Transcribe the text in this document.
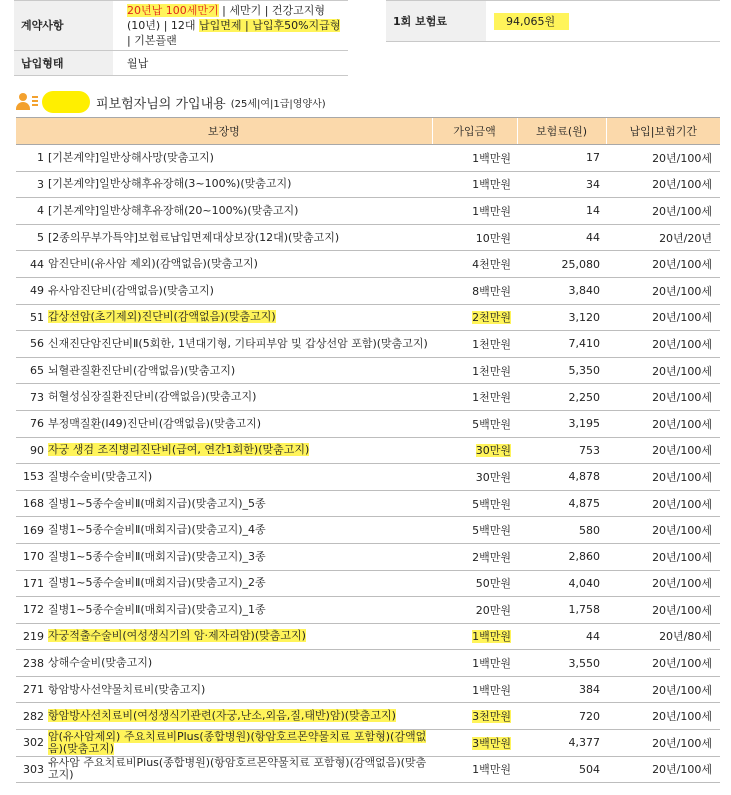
계약사항	20년납 100세만기 | 세만기 | 건강고지형(10년) | 12대 납입면제 | 납입후50%지급형 | 기본플랜
납입형태	월납
1회 보험료	94,065원
피보험자님의 가입내용 (25세|여|1급|영양사)
보장명		가입금액	보험료(원)	납입|보험기간
1	[기본계약]일반상해사망(맞춤고지)	1백만원	17	20년/100세
3	[기본계약]일반상해후유장해(3~100%)(맞춤고지)	1백만원	34	20년/100세
4	[기본계약]일반상해후유장해(20~100%)(맞춤고지)	1백만원	14	20년/100세
5	[2종의무부가특약]보험료납입면제대상보장(12대)(맞춤고지)	10만원	44	20년/20년
44	암진단비(유사암 제외)(감액없음)(맞춤고지)	4천만원	25,080	20년/100세
49	유사암진단비(감액없음)(맞춤고지)	8백만원	3,840	20년/100세
51	갑상선암(초기제외)진단비(감액없음)(맞춤고지)	2천만원	3,120	20년/100세
56	신재진단암진단비Ⅱ(5회한, 1년대기형, 기타피부암 및 갑상선암 포함)(맞춤고지)	1천만원	7,410	20년/100세
65	뇌혈관질환진단비(감액없음)(맞춤고지)	1천만원	5,350	20년/100세
73	허혈성심장질환진단비(감액없음)(맞춤고지)	1천만원	2,250	20년/100세
76	부정맥질환(Ⅰ49)진단비(감액없음)(맞춤고지)	5백만원	3,195	20년/100세
90	자궁 생검 조직병리진단비(급여, 연간1회한)(맞춤고지)	30만원	753	20년/100세
153	질병수술비(맞춤고지)	30만원	4,878	20년/100세
168	질병1~5종수술비Ⅱ(매회지급)(맞춤고지)_5종	5백만원	4,875	20년/100세
169	질병1~5종수술비Ⅱ(매회지급)(맞춤고지)_4종	5백만원	580	20년/100세
170	질병1~5종수술비Ⅱ(매회지급)(맞춤고지)_3종	2백만원	2,860	20년/100세
171	질병1~5종수술비Ⅱ(매회지급)(맞춤고지)_2종	50만원	4,040	20년/100세
172	질병1~5종수술비Ⅱ(매회지급)(맞춤고지)_1종	20만원	1,758	20년/100세
219	자궁적출수술비(여성생식기의 암·제자리암)(맞춤고지)	1백만원	44	20년/80세
238	상해수술비(맞춤고지)	1백만원	3,550	20년/100세
271	항암방사선약물치료비(맞춤고지)	1백만원	384	20년/100세
282	항암방사선치료비(여성생식기관련(자궁,난소,외음,질,태반)암)(맞춤고지)	3천만원	720	20년/100세
302	암(유사암제외) 주요치료비Plus(종합병원)(항암호르몬약물치료 포함형)(감액없음)(맞춤고지)	3백만원	4,377	20년/100세
303	유사암 주요치료비Plus(종합병원)(항암호르몬약물치료 포함형)(감액없음)(맞춤고지)	1백만원	504	20년/100세
